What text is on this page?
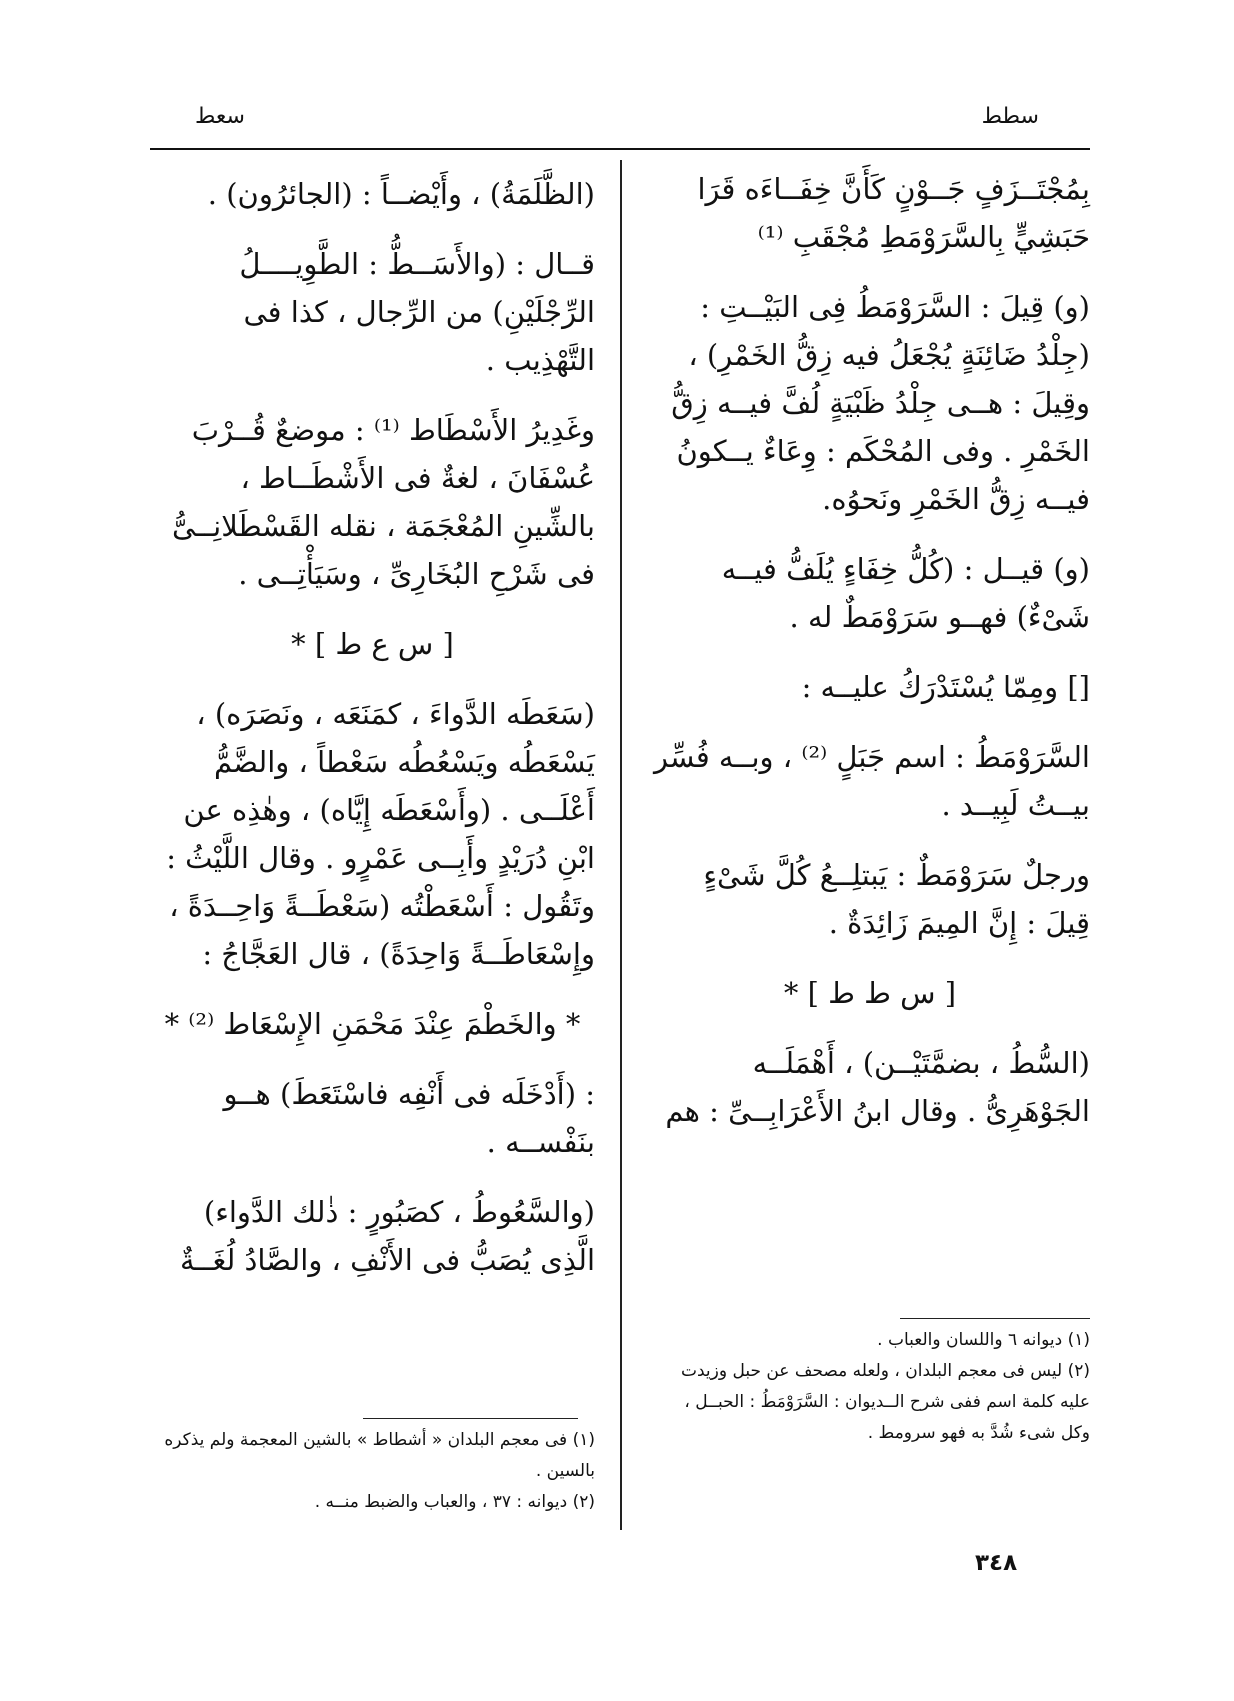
سطط
سعط

بِمُجْتَــزَفٍ جَــوْنٍ كَأَنَّ خِفَــاءَه قَرَا حَبَشِيٍّ بِالسَّرَوْمَطِ مُجْقَبِ ⁽¹⁾

(و) قِيلَ : السَّرَوْمَطُ فِى البَيْــتِ : (جِلْدُ ضَائِنَةٍ يُجْعَلُ فيه زِقُّ الخَمْرِ) ، وقِيلَ : هــى جِلْدُ ظَبْيَةٍ لُفَّ فيــه زِقُّ الخَمْرِ . وفى المُحْكَم : وِعَاءٌ يــكونُ فيــه زِقُّ الخَمْرِ ونَحوُه.

(و) قيــل : (كُلُّ خِفَاءٍ يُلَفُّ فيــه شَىْءٌ) فهــو سَرَوْمَطٌ له .

[] ومِمّا يُسْتَدْرَكُ عليــه :

السَّرَوْمَطُ : اسم جَبَلٍ ⁽²⁾ ، وبــه فُسِّر بيــتُ لَبِيــد .

ورجلٌ سَرَوْمَطٌ : يَبتلِــعُ كُلَّ شَىْءٍ قِيلَ : إِنَّ المِيمَ زَائِدَةٌ .

[ س ط ط ] *

(السُّطُ ، بضمَّتَيْــن) ، أَهْمَلَــه الجَوْهَرِىُّ . وقال ابنُ الأَعْرَابِــىِّ : هم

(الظَّلَمَةُ) ، وأَيْضــاً : (الجائرُون) .

قــال : (والأَسَــطُّ : الطَّوِيــــلُ الرِّجْلَيْنِ) من الرِّجال ، كذا فى التَّهْذِيب .

وغَدِيرُ الأَسْطَاط ⁽¹⁾ : موضعٌ قُــرْبَ عُسْفَانَ ، لغةٌ فى الأَشْطَــاط ، بالشِّينِ المُعْجَمَة ، نقله القَسْطَلانِــىُّ فى شَرْحِ البُخَارِىِّ ، وسَيَأْتِــى .

[ س ع ط ] *

(سَعَطَه الدَّواءَ ، كمَنَعَه ، ونَصَرَه) ، يَسْعَطُه ويَسْعُطُه سَعْطاً ، والضَّمُّ أَعْلَــى . (وأَسْعَطَه إِيَّاه) ، وهٰذِه عن ابْنِ دُرَيْدٍ وأَبِــى عَمْرٍو . وقال اللَّيْثُ : وتَقُول : أَسْعَطْتُه (سَعْطَــةً وَاحِــدَةً ، وإِسْعَاطَــةً وَاحِدَةً) ، قال العَجَّاجُ :

* والخَطْمَ عِنْدَ مَحْمَنِ الإِسْعَاط ⁽²⁾ *

: (أَدْخَلَه فى أَنْفِه فاسْتَعَطَ) هــو بنَفْســه .

(والسَّعُوطُ ، كصَبُورٍ : ذٰلك الدَّواء) الَّذِى يُصَبُّ فى الأَنْفِ ، والصَّادُ لُغَــةٌ

(١) ديوانه ٦ واللسان والعباب .

(٢) ليس فى معجم البلدان ، ولعله مصحف عن حبل وزيدت عليه كلمة اسم ففى شرح الــديوان : السَّرَوْمَطُ : الحبــل ، وكل شىء شُدَّ به فهو سرومط .

(١) فى معجم البلدان « أشطاط » بالشين المعجمة ولم يذكره بالسين .

(٢) ديوانه : ٣٧ ، والعباب والضبط منــه .

٣٤٨
